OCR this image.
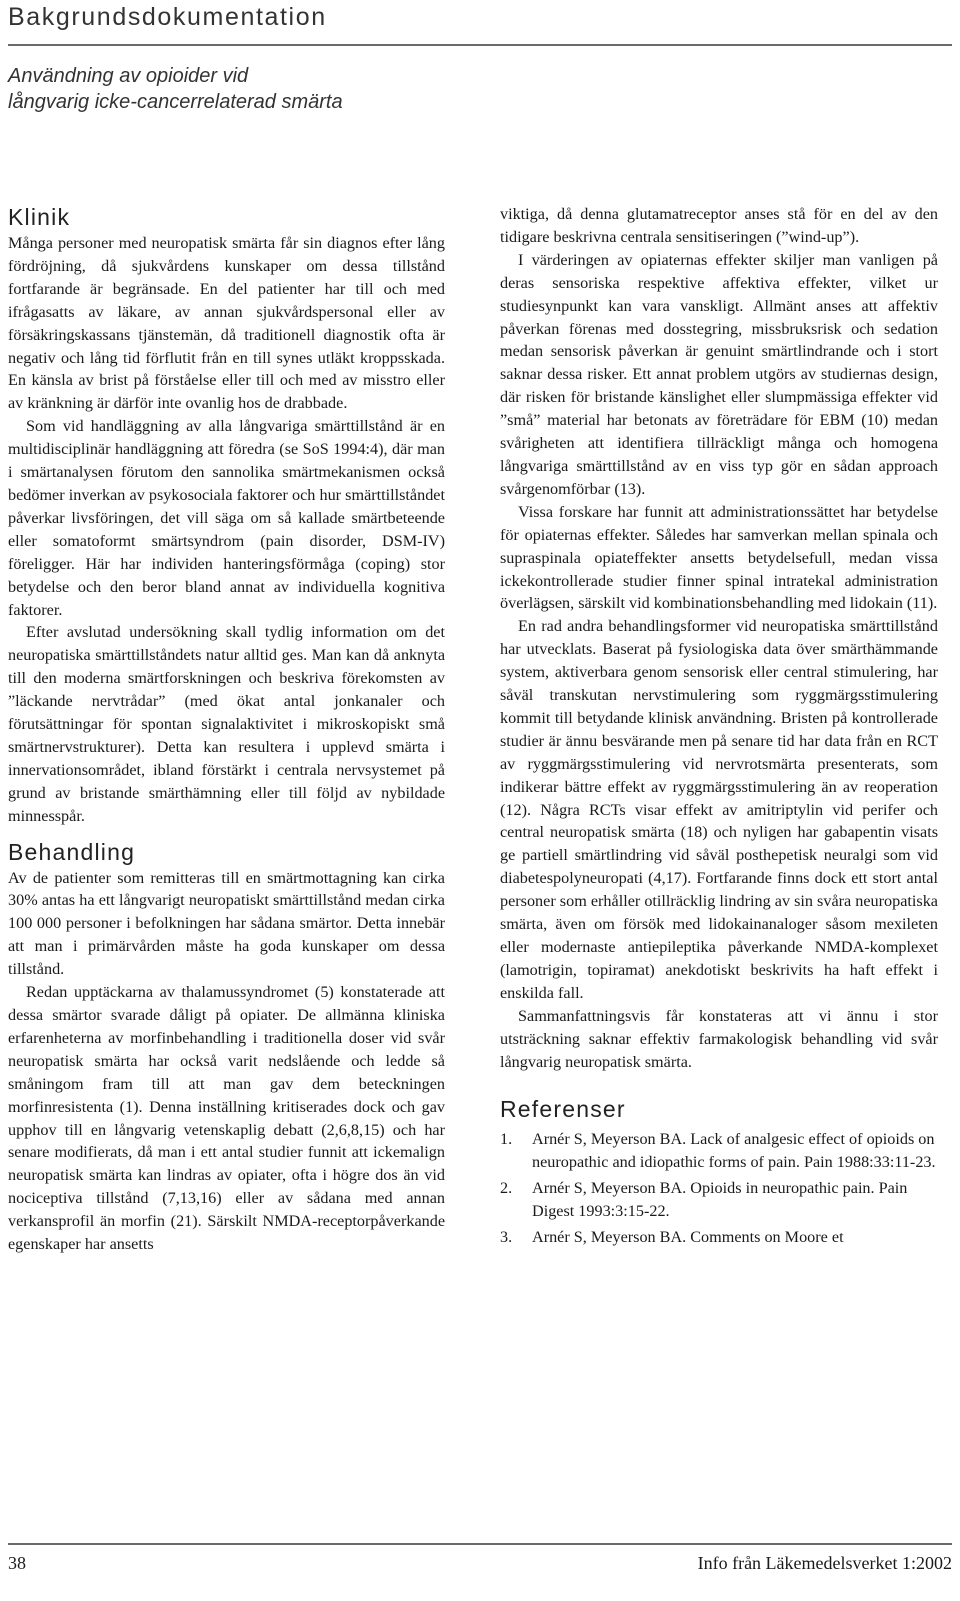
Bakgrundsdokumentation
Användning av opioider vid
långvarig icke-cancerrelaterad smärta
Klinik

Många personer med neuropatisk smärta får sin diagnos efter lång fördröjning, då sjukvårdens kunskaper om dessa tillstånd fortfarande är begränsade. En del patienter har till och med ifrågasatts av läkare, av annan sjukvårdspersonal eller av försäkringskassans tjänstemän, då traditionell diagnostik ofta är negativ och lång tid förflutit från en till synes utläkt kroppsskada. En känsla av brist på förståelse eller till och med av misstro eller av kränkning är därför inte ovanlig hos de drabbade.

Som vid handläggning av alla långvariga smärttillstånd är en multidisciplinär handläggning att föredra (se SoS 1994:4), där man i smärtanalysen förutom den sannolika smärtmekanismen också bedömer inverkan av psykosociala faktorer och hur smärttillståndet påverkar livsföringen, det vill säga om så kallade smärtbeteende eller somatoformt smärtsyndrom (pain disorder, DSM-IV) föreligger. Här har individen hanteringsförmåga (coping) stor betydelse och den beror bland annat av individuella kognitiva faktorer.

Efter avslutad undersökning skall tydlig information om det neuropatiska smärttillståndets natur alltid ges. Man kan då anknyta till den moderna smärtforskningen och beskriva förekomsten av ”läckande nervtrådar” (med ökat antal jonkanaler och förutsättningar för spontan signalaktivitet i mikroskopiskt små smärtnervstrukturer). Detta kan resultera i upplevd smärta i innervationsområdet, ibland förstärkt i centrala nervsystemet på grund av bristande smärthämning eller till följd av nybildade minnesspår.

Behandling

Av de patienter som remitteras till en smärtmottagning kan cirka 30% antas ha ett långvarigt neuropatiskt smärttillstånd medan cirka 100 000 personer i befolkningen har sådana smärtor. Detta innebär att man i primärvården måste ha goda kunskaper om dessa tillstånd.

Redan upptäckarna av thalamussyndromet (5) konstaterade att dessa smärtor svarade dåligt på opiater. De allmänna kliniska erfarenheterna av morfinbehandling i traditionella doser vid svår neuropatisk smärta har också varit nedslående och ledde så småningom fram till att man gav dem beteckningen morfinresistenta (1). Denna inställning kritiserades dock och gav upphov till en långvarig vetenskaplig debatt (2,6,8,15) och har senare modifierats, då man i ett antal studier funnit att ickemalign neuropatisk smärta kan lindras av opiater, ofta i högre dos än vid nociceptiva tillstånd (7,13,16) eller av sådana med annan verkansprofil än morfin (21). Särskilt NMDA-receptorpåverkande egenskaper har ansetts

viktiga, då denna glutamatreceptor anses stå för en del av den tidigare beskrivna centrala sensitiseringen (”wind-up”).

I värderingen av opiaternas effekter skiljer man vanligen på deras sensoriska respektive affektiva effekter, vilket ur studiesynpunkt kan vara vanskligt. Allmänt anses att affektiv påverkan förenas med dosstegring, missbruksrisk och sedation medan sensorisk påverkan är genuint smärtlindrande och i stort saknar dessa risker. Ett annat problem utgörs av studiernas design, där risken för bristande känslighet eller slumpmässiga effekter vid ”små” material har betonats av företrädare för EBM (10) medan svårigheten att identifiera tillräckligt många och homogena långvariga smärttillstånd av en viss typ gör en sådan approach svårgenomförbar (13).

Vissa forskare har funnit att administrationssättet har betydelse för opiaternas effekter. Således har samverkan mellan spinala och supraspinala opiateffekter ansetts betydelsefull, medan vissa ickekontrollerade studier finner spinal intratekal administration överlägsen, särskilt vid kombinationsbehandling med lidokain (11).

En rad andra behandlingsformer vid neuropatiska smärttillstånd har utvecklats. Baserat på fysiologiska data över smärthämmande system, aktiverbara genom sensorisk eller central stimulering, har såväl transkutan nervstimulering som ryggmärgsstimulering kommit till betydande klinisk användning. Bristen på kontrollerade studier är ännu besvärande men på senare tid har data från en RCT av ryggmärgsstimulering vid nervrotsmärta presenterats, som indikerar bättre effekt av ryggmärgsstimulering än av reoperation (12). Några RCTs visar effekt av amitriptylin vid perifer och central neuropatisk smärta (18) och nyligen har gabapentin visats ge partiell smärtlindring vid såväl posthepetisk neuralgi som vid diabetespolyneuropati (4,17). Fortfarande finns dock ett stort antal personer som erhåller otillräcklig lindring av sin svåra neuropatiska smärta, även om försök med lidokainanaloger såsom mexileten eller modernaste antiepileptika påverkande NMDA-komplexet (lamotrigin, topiramat) anekdotiskt beskrivits ha haft effekt i enskilda fall.

Sammanfattningsvis får konstateras att vi ännu i stor utsträckning saknar effektiv farmakologisk behandling vid svår långvarig neuropatisk smärta.

Referenser
1. Arnér S, Meyerson BA. Lack of analgesic effect of opioids on neuropathic and idiopathic forms of pain. Pain 1988:33:11-23.
2. Arnér S, Meyerson BA. Opioids in neuropathic pain. Pain Digest 1993:3:15-22.
3. Arnér S, Meyerson BA. Comments on Moore et
38	Info från Läkemedelsverket 1:2002
